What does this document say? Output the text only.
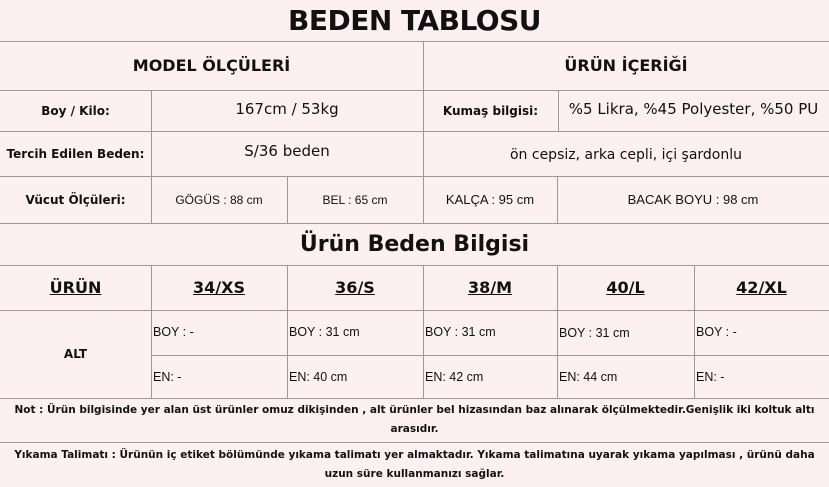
BEDEN TABLOSU
MODEL ÖLÇÜLERİ	ÜRÜN İÇERİĞİ
Boy / Kilo:	167cm / 53kg	Kumaş bilgisi:	%5 Likra, %45 Polyester, %50 PU
Tercih Edilen Beden:	S/36 beden	ön cepsiz, arka cepli, içi şardonlu
Vücut Ölçüleri:	GÖGÜS : 88 cm	BEL : 65 cm	KALÇA : 95 cm	BACAK BOYU : 98 cm
Ürün Beden Bilgisi
ÜRÜN	34/XS	36/S	38/M	40/L	42/XL
ALT
BOY : -	BOY : 31 cm	BOY : 31 cm	BOY : 31 cm	BOY : -
EN: -	EN: 40 cm	EN: 42 cm	EN: 44 cm	EN: -
Not : Ürün bilgisinde yer alan üst ürünler omuz dikişinden , alt ürünler bel hizasından baz alınarak ölçülmektedir.Genişlik iki koltuk altı arasıdır.
Yıkama Talimatı : Ürünün iç etiket bölümünde yıkama talimatı yer almaktadır. Yıkama talimatına uyarak yıkama yapılması , ürünü daha uzun süre kullanmanızı sağlar.
